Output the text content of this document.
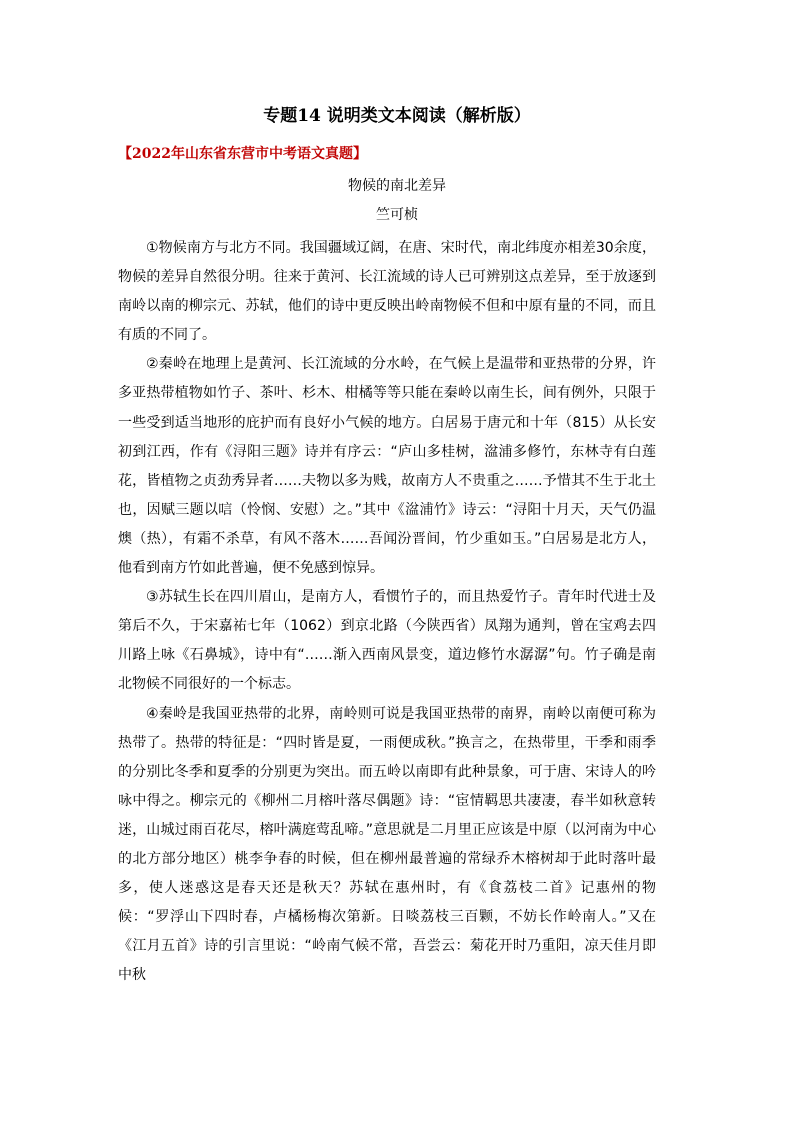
专题14 说明类文本阅读（解析版）
【2022年山东省东营市中考语文真题】
物候的南北差异
竺可桢

①物候南方与北方不同。我国疆域辽阔，在唐、宋时代，南北纬度亦相差30余度，物候的差异自然很分明。往来于黄河、长江流域的诗人已可辨别这点差异，至于放逐到南岭以南的柳宗元、苏轼，他们的诗中更反映出岭南物候不但和中原有量的不同，而且有质的不同了。

②秦岭在地理上是黄河、长江流域的分水岭，在气候上是温带和亚热带的分界，许多亚热带植物如竹子、茶叶、杉木、柑橘等等只能在秦岭以南生长，间有例外，只限于一些受到适当地形的庇护而有良好小气候的地方。白居易于唐元和十年（815）从长安初到江西，作有《浔阳三题》诗并有序云：“庐山多桂树，湓浦多修竹，东林寺有白莲花，皆植物之贞劲秀异者……夫物以多为贱，故南方人不贵重之……予惜其不生于北土也，因赋三题以唁（怜悯、安慰）之。”其中《湓浦竹》诗云：“浔阳十月天，天气仍温燠（热），有霜不杀草，有风不落木……吾闻汾晋间，竹少重如玉。”白居易是北方人，他看到南方竹如此普遍，便不免感到惊异。

③苏轼生长在四川眉山，是南方人，看惯竹子的，而且热爱竹子。青年时代进士及第后不久，于宋嘉祐七年（1062）到京北路（今陕西省）凤翔为通判，曾在宝鸡去四川路上咏《石鼻城》，诗中有“……渐入西南风景变，道边修竹水潺潺”句。竹子确是南北物候不同很好的一个标志。

④秦岭是我国亚热带的北界，南岭则可说是我国亚热带的南界，南岭以南便可称为热带了。热带的特征是：“四时皆是夏，一雨便成秋。”换言之，在热带里，干季和雨季的分别比冬季和夏季的分别更为突出。而五岭以南即有此种景象，可于唐、宋诗人的吟咏中得之。柳宗元的《柳州二月榕叶落尽偶题》诗：“宦情羁思共凄凄，春半如秋意转迷，山城过雨百花尽，榕叶满庭莺乱啼。”意思就是二月里正应该是中原（以河南为中心的北方部分地区）桃李争春的时候，但在柳州最普遍的常绿乔木榕树却于此时落叶最多，使人迷惑这是春天还是秋天？苏轼在惠州时，有《食荔枝二首》记惠州的物候：“罗浮山下四时春，卢橘杨梅次第新。日啖荔枝三百颗，不妨长作岭南人。”又在《江月五首》诗的引言里说：“岭南气候不常，吾尝云：菊花开时乃重阳，凉天佳月即中秋
